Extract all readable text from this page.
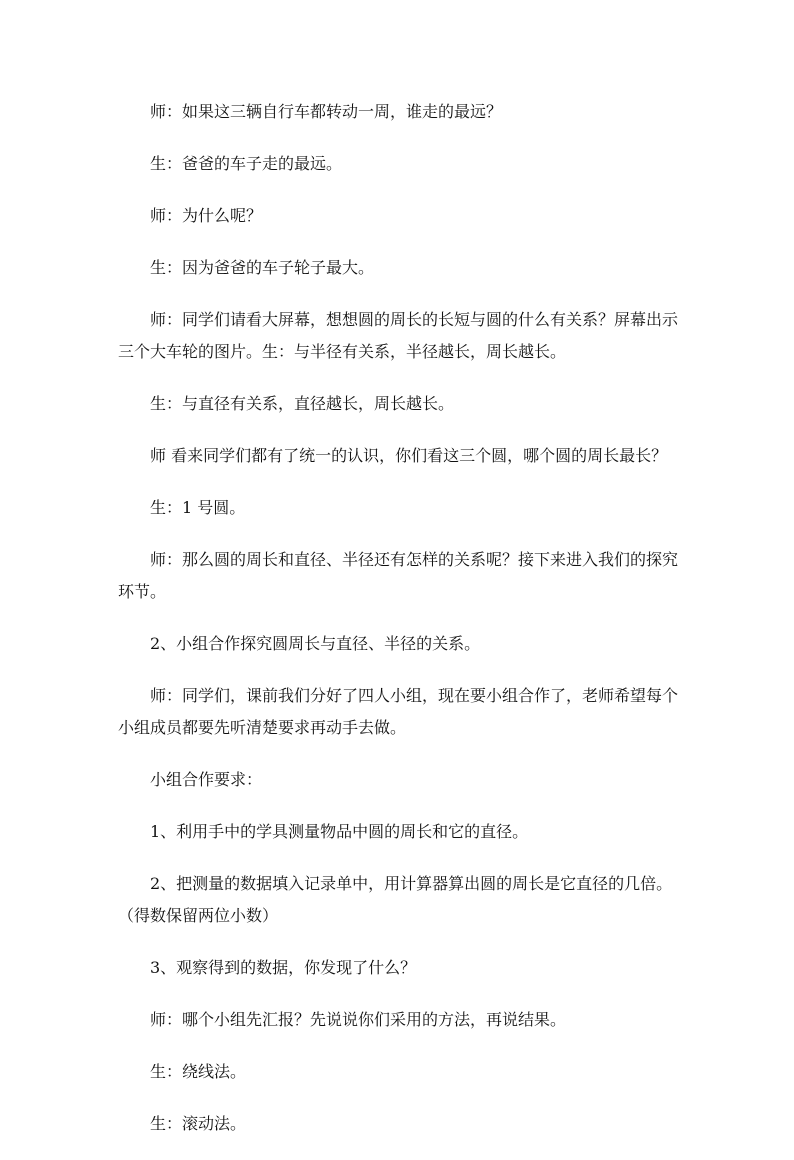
师：如果这三辆自行车都转动一周，谁走的最远？

生：爸爸的车子走的最远。

师：为什么呢？

生：因为爸爸的车子轮子最大。

师：同学们请看大屏幕，想想圆的周长的长短与圆的什么有关系？屏幕出示三个大车轮的图片。生：与半径有关系，半径越长，周长越长。

生：与直径有关系，直径越长，周长越长。

师 看来同学们都有了统一的认识，你们看这三个圆，哪个圆的周长最长？

生：1 号圆。

师：那么圆的周长和直径、半径还有怎样的关系呢？接下来进入我们的探究环节。

2、小组合作探究圆周长与直径、半径的关系。

师：同学们，课前我们分好了四人小组，现在要小组合作了，老师希望每个小组成员都要先听清楚要求再动手去做。

小组合作要求：

1、利用手中的学具测量物品中圆的周长和它的直径。

2、把测量的数据填入记录单中，用计算器算出圆的周长是它直径的几倍。（得数保留两位小数）

3、观察得到的数据，你发现了什么？

师：哪个小组先汇报？先说说你们采用的方法，再说结果。

生：绕线法。

生：滚动法。
